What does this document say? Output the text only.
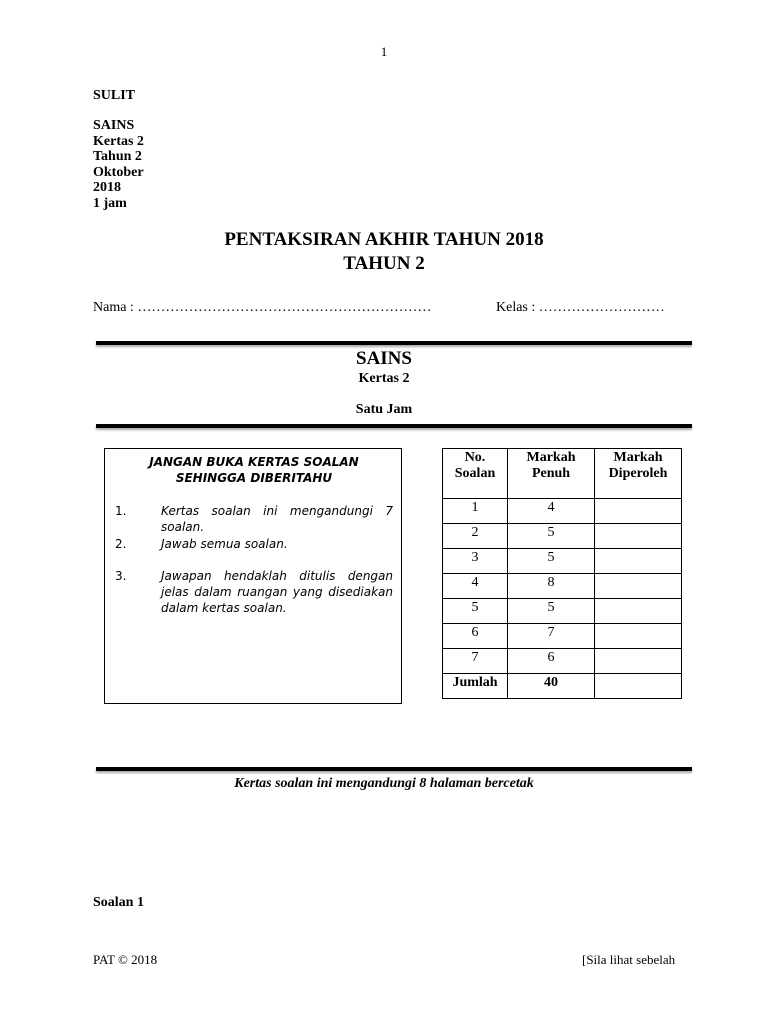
1
SULIT
SAINS
Kertas 2
Tahun 2
Oktober
2018
1 jam
PENTAKSIRAN AKHIR TAHUN 2018
TAHUN 2
Nama : ………………………………………………………	Kelas : ………………………
SAINS
Kertas 2
Satu Jam
JANGAN BUKA KERTAS SOALAN SEHINGGA DIBERITAHU
1.	Kertas soalan ini mengandungi 7 soalan.
2.	Jawab semua soalan.
3.	Jawapan hendaklah ditulis dengan jelas dalam ruangan yang disediakan dalam kertas soalan.
No. Soalan	Markah Penuh	Markah Diperoleh
1	4	
2	5	
3	5	
4	8	
5	5	
6	7	
7	6	
Jumlah	40	
Kertas soalan ini mengandungi 8 halaman bercetak
Soalan 1
PAT © 2018	[Sila lihat sebelah
